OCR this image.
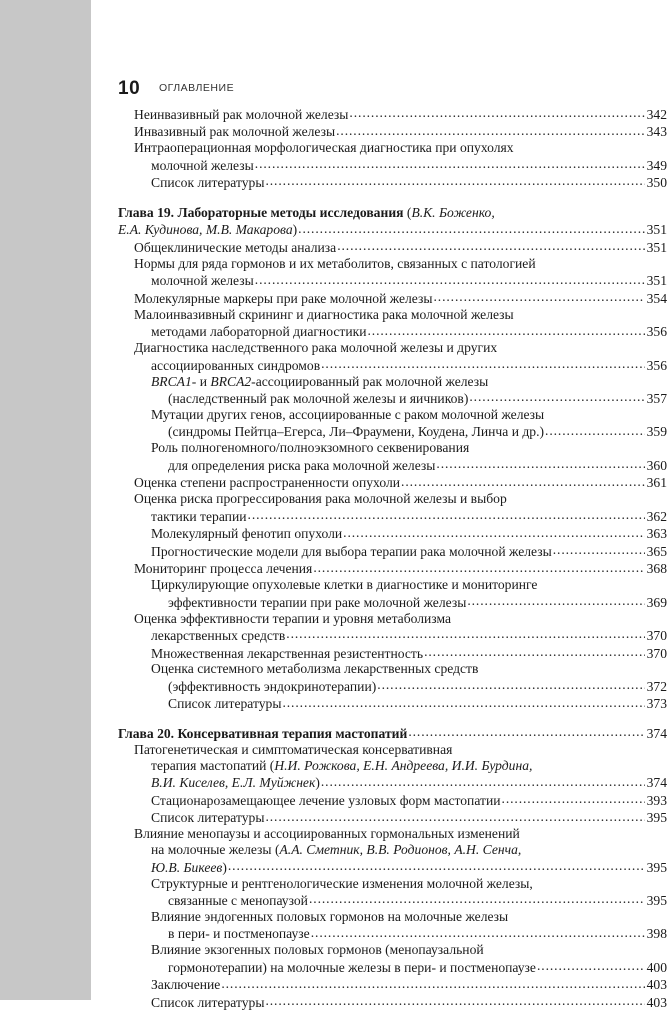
10 ОГЛАВЛЕНИЕ
Неинвазивный рак молочной железы .....	342
Инвазивный рак молочной железы .....	343
Интраоперационная морфологическая диагностика при опухолях
молочной железы .....	349
Список литературы .....	350
Глава 19. Лабораторные методы исследования (В.К. Боженко,
Е.А. Кудинова, М.В. Макарова ) .....	351
Общеклинические методы анализа .....	351
Нормы для ряда гормонов и их метаболитов, связанных с патологией
молочной железы .....	351
Молекулярные маркеры при раке молочной железы .....	354
Малоинвазивный скрининг и диагностика рака молочной железы
методами лабораторной диагностики .....	356
Диагностика наследственного рака молочной железы и других
ассоциированных синдромов .....	356
BRCA1- и BRCA2-ассоциированный рак молочной железы
(наследственный рак молочной железы и яичников) .....	357
Мутации других генов, ассоциированные с раком молочной железы
(синдромы Пейтца–Егерса, Ли–Фраумени, Коудена, Линча и др.) .....	359
Роль полногеномного/полноэкзомного секвенирования
для определения риска рака молочной железы .....	360
Оценка степени распространенности опухоли .....	361
Оценка риска прогрессирования рака молочной железы и выбор
тактики терапии .....	362
Молекулярный фенотип опухоли .....	363
Прогностические модели для выбора терапии рака молочной железы .....	365
Мониторинг процесса лечения .....	368
Циркулирующие опухолевые клетки в диагностике и мониторинге
эффективности терапии при раке молочной железы .....	369
Оценка эффективности терапии и уровня метаболизма
лекарственных средств .....	370
Множественная лекарственная резистентность .....	370
Оценка системного метаболизма лекарственных средств
(эффективность эндокринотерапии) .....	372
Список литературы .....	373
Глава 20. Консервативная терапия мастопатий .....	374
Патогенетическая и симптоматическая консервативная
терапия мастопатий (Н.И. Рожкова, Е.Н. Андреева, И.И. Бурдина,
В.И. Киселев, Е.Л. Муйжнек ) .....	374
Стационарозамещающее лечение узловых форм мастопатии .....	393
Список литературы .....	395
Влияние менопаузы и ассоциированных гормональных изменений
на молочные железы (А.А. Сметник, В.В. Родионов, А.Н. Сенча,
Ю.В. Бикеев ) .....	395
Структурные и рентгенологические изменения молочной железы,
связанные с менопаузой .....	395
Влияние эндогенных половых гормонов на молочные железы
в пери- и постменопаузе .....	398
Влияние экзогенных половых гормонов (менопаузальной
гормонотерапии) на молочные железы в пери- и постменопаузе .....	400
Заключение .....	403
Список литературы .....	403
